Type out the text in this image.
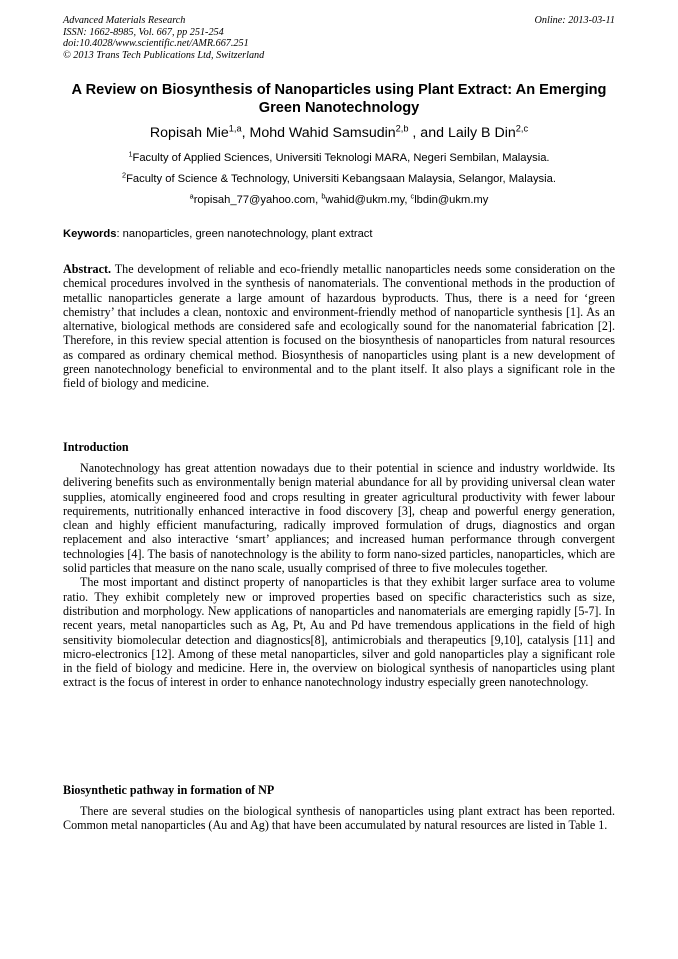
Advanced Materials Research
ISSN: 1662-8985, Vol. 667, pp 251-254
doi:10.4028/www.scientific.net/AMR.667.251
© 2013 Trans Tech Publications Ltd, Switzerland
Online: 2013-03-11
A Review on Biosynthesis of Nanoparticles using Plant Extract: An Emerging Green Nanotechnology
Ropisah Mie$^{1,a}$, Mohd Wahid Samsudin$^{2,b}$ , and Laily B Din$^{2,c}$
$^1$Faculty of Applied Sciences, Universiti Teknologi MARA, Negeri Sembilan, Malaysia.
$^2$Faculty of Science & Technology, Universiti Kebangsaan Malaysia, Selangor, Malaysia.
$^a$ropisah_77@yahoo.com, $^b$wahid@ukm.my, $^c$lbdin@ukm.my
Keywords: nanoparticles, green nanotechnology, plant extract

Abstract. The development of reliable and eco-friendly metallic nanoparticles needs some consideration on the chemical procedures involved in the synthesis of nanomaterials. The conventional methods in the production of metallic nanoparticles generate a large amount of hazardous byproducts. Thus, there is a need for ‘green chemistry’ that includes a clean, nontoxic and environment-friendly method of nanoparticle synthesis [1]. As an alternative, biological methods are considered safe and ecologically sound for the nanomaterial fabrication [2]. Therefore, in this review special attention is focused on the biosynthesis of nanoparticles from natural resources as compared as ordinary chemical method. Biosynthesis of nanoparticles using plant is a new development of green nanotechnology beneficial to environmental and to the plant itself. It also plays a significant role in the field of biology and medicine.

Introduction

Nanotechnology has great attention nowadays due to their potential in science and industry worldwide. Its delivering benefits such as environmentally benign material abundance for all by providing universal clean water supplies, atomically engineered food and crops resulting in greater agricultural productivity with fewer labour requirements, nutritionally enhanced interactive in food discovery [3], cheap and powerful energy generation, clean and highly efficient manufacturing, radically improved formulation of drugs, diagnostics and organ replacement and also interactive ‘smart’ appliances; and increased human performance through convergent technologies [4]. The basis of nanotechnology is the ability to form nano-sized particles, nanoparticles, which are solid particles that measure on the nano scale, usually comprised of three to five molecules together.

The most important and distinct property of nanoparticles is that they exhibit larger surface area to volume ratio. They exhibit completely new or improved properties based on specific characteristics such as size, distribution and morphology. New applications of nanoparticles and nanomaterials are emerging rapidly [5-7]. In recent years, metal nanoparticles such as Ag, Pt, Au and Pd have tremendous applications in the field of high sensitivity biomolecular detection and diagnostics[8], antimicrobials and therapeutics [9,10], catalysis [11] and micro-electronics [12]. Among of these metal nanoparticles, silver and gold nanoparticles play a significant role in the field of biology and medicine. Here in, the overview on biological synthesis of nanoparticles using plant extract is the focus of interest in order to enhance nanotechnology industry especially green nanotechnology.

Biosynthetic pathway in formation of NP

There are several studies on the biological synthesis of nanoparticles using plant extract has been reported. Common metal nanoparticles (Au and Ag) that have been accumulated by natural resources are listed in Table 1.
